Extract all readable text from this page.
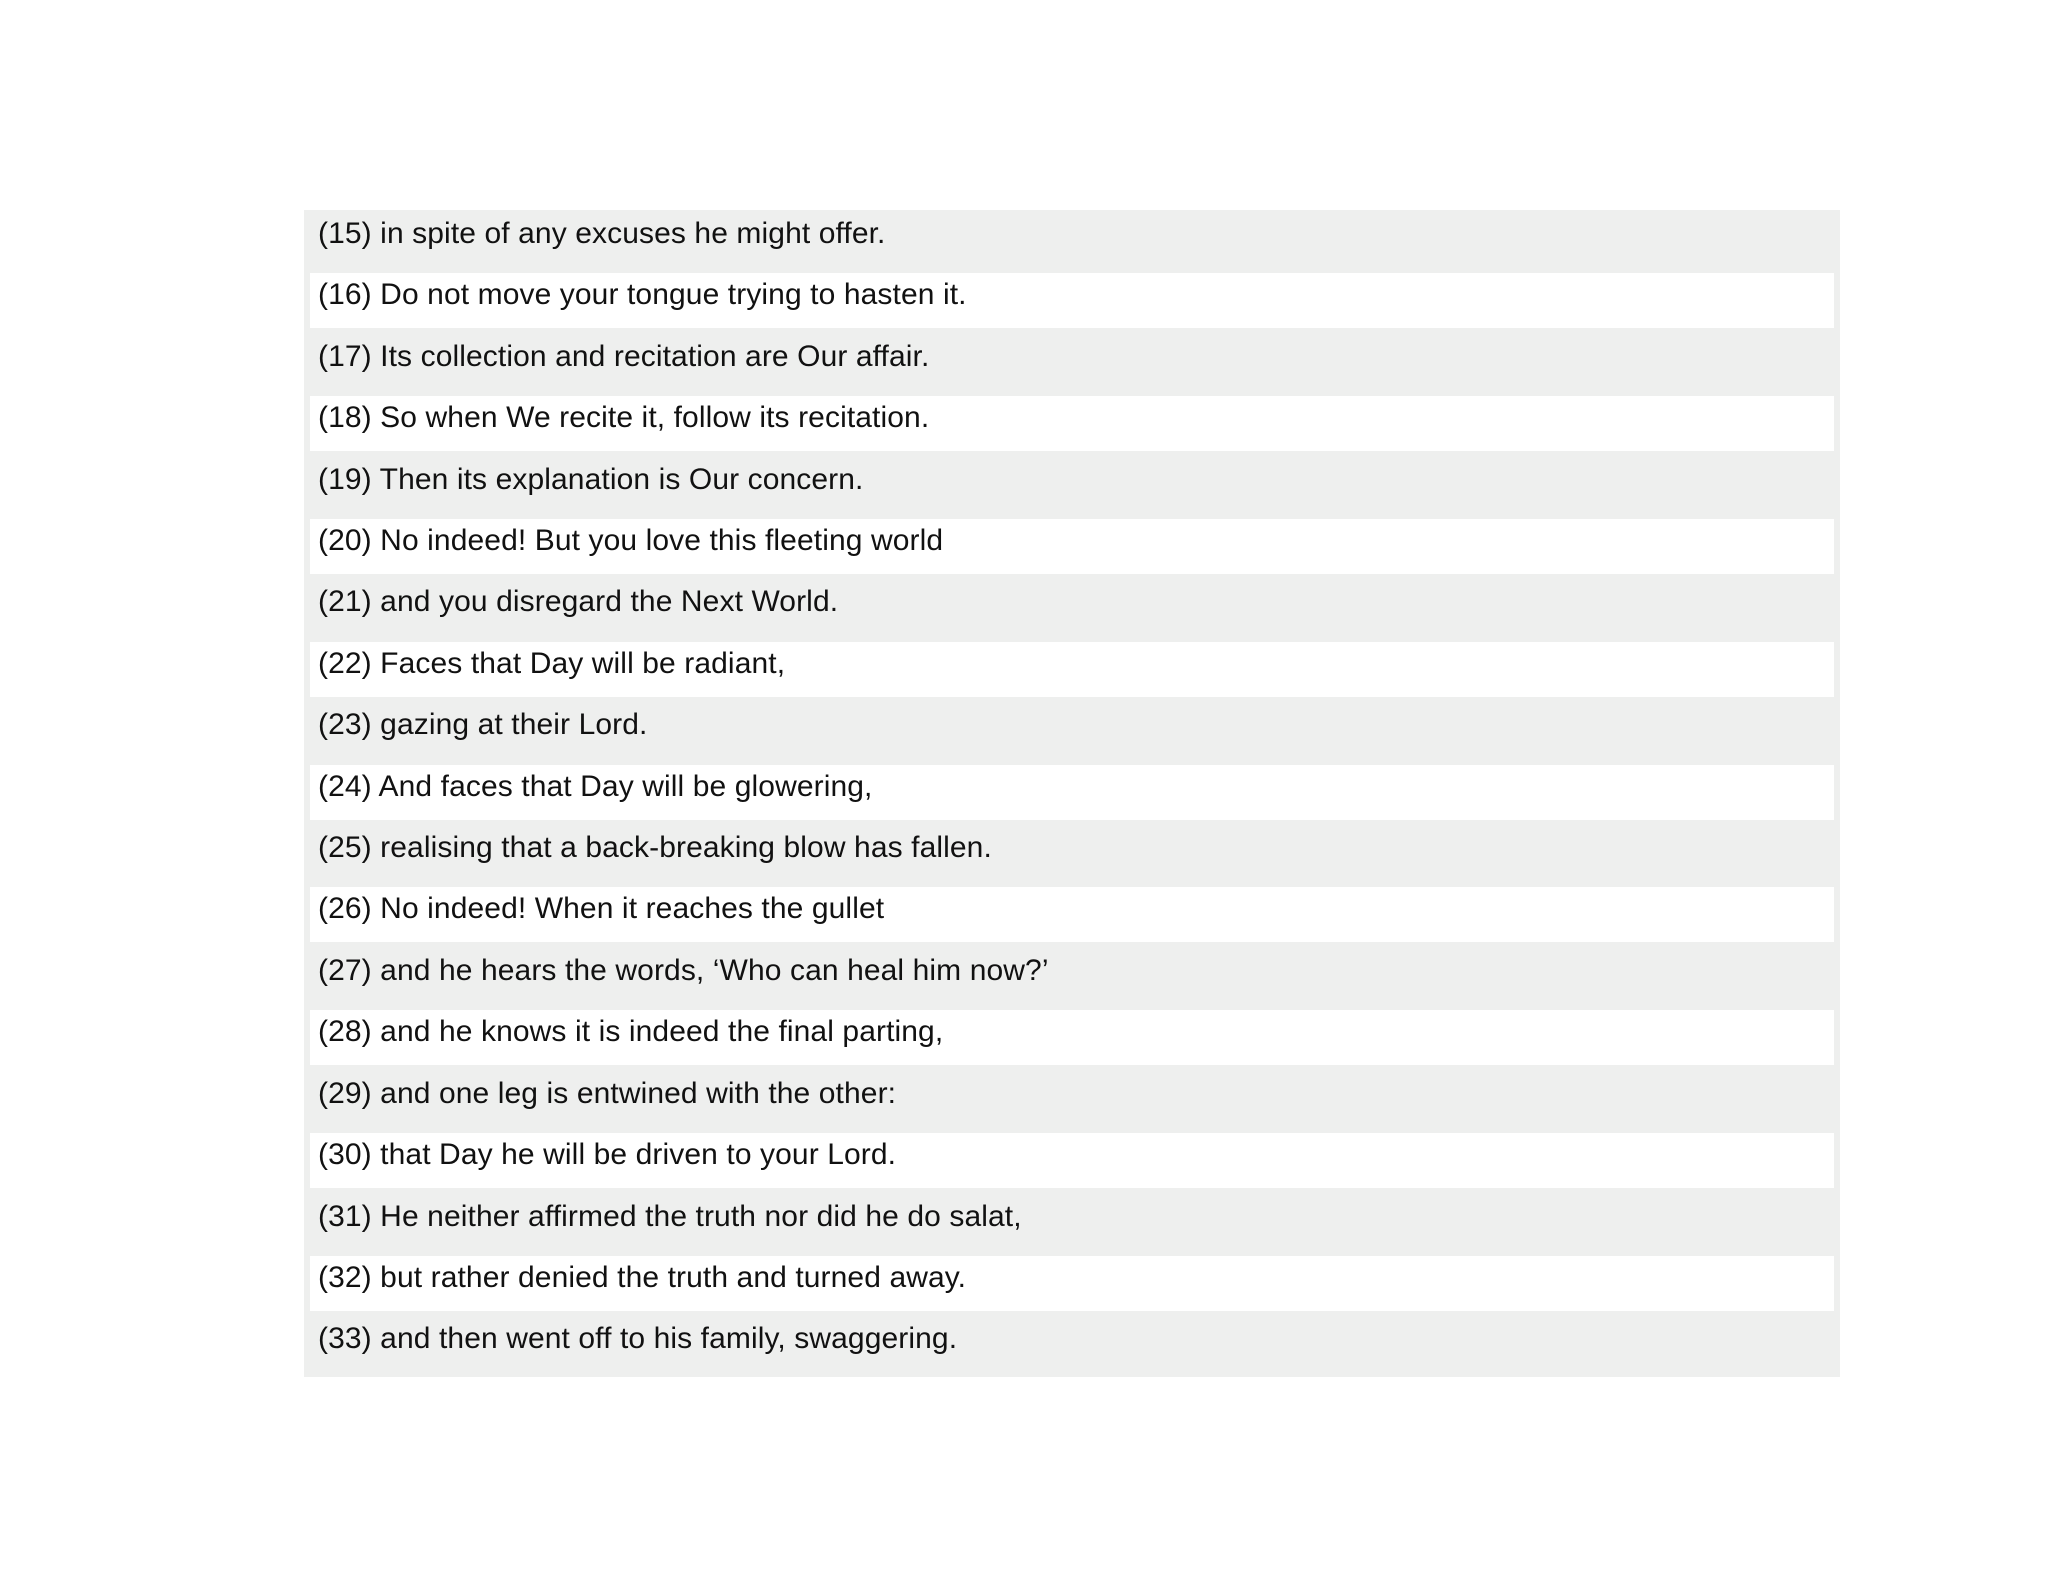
(15) in spite of any excuses he might offer.
(16) Do not move your tongue trying to hasten it.
(17) Its collection and recitation are Our affair.
(18) So when We recite it, follow its recitation.
(19) Then its explanation is Our concern.
(20) No indeed! But you love this fleeting world
(21) and you disregard the Next World.
(22) Faces that Day will be radiant,
(23) gazing at their Lord.
(24) And faces that Day will be glowering,
(25) realising that a back-breaking blow has fallen.
(26) No indeed! When it reaches the gullet
(27) and he hears the words, ‘Who can heal him now?’
(28) and he knows it is indeed the final parting,
(29) and one leg is entwined with the other:
(30) that Day he will be driven to your Lord.
(31) He neither affirmed the truth nor did he do salat,
(32) but rather denied the truth and turned away.
(33) and then went off to his family, swaggering.
